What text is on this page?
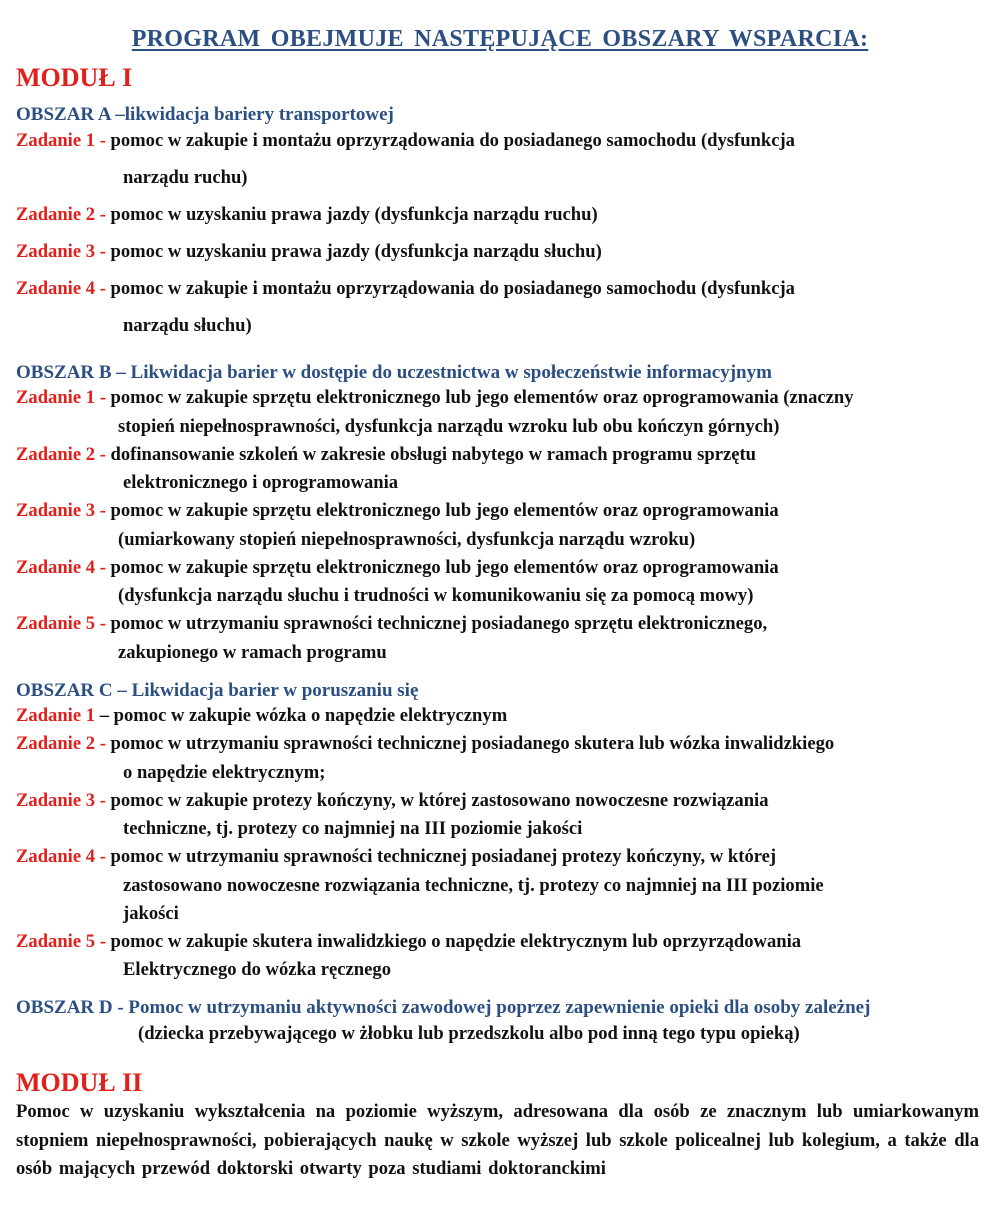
PROGRAM OBEJMUJE NASTĘPUJĄCE OBSZARY WSPARCIA:
MODUŁ I
OBSZAR A –likwidacja bariery transportowej
Zadanie 1 - pomoc w zakupie i montażu oprzyrządowania do posiadanego samochodu (dysfunkcja
narządu ruchu)
Zadanie 2 - pomoc w uzyskaniu prawa jazdy (dysfunkcja narządu ruchu)
Zadanie 3 - pomoc w uzyskaniu prawa jazdy (dysfunkcja narządu słuchu)
Zadanie 4 - pomoc w zakupie i montażu oprzyrządowania do posiadanego samochodu (dysfunkcja
narządu słuchu)
OBSZAR B – Likwidacja barier w dostępie do uczestnictwa w społeczeństwie informacyjnym
Zadanie 1 - pomoc w zakupie sprzętu elektronicznego lub jego elementów oraz oprogramowania (znaczny
stopień niepełnosprawności, dysfunkcja narządu wzroku lub obu kończyn górnych)
Zadanie 2 - dofinansowanie szkoleń w zakresie obsługi nabytego w ramach programu sprzętu
elektronicznego i oprogramowania
Zadanie 3 - pomoc w zakupie sprzętu elektronicznego lub jego elementów oraz oprogramowania
(umiarkowany stopień niepełnosprawności, dysfunkcja narządu wzroku)
Zadanie 4 - pomoc w zakupie sprzętu elektronicznego lub jego elementów oraz oprogramowania
(dysfunkcja narządu słuchu i trudności w komunikowaniu się za pomocą mowy)
Zadanie 5 - pomoc w utrzymaniu sprawności technicznej posiadanego sprzętu elektronicznego,
zakupionego w ramach programu
OBSZAR C – Likwidacja barier w poruszaniu się
Zadanie 1 – pomoc w zakupie wózka o napędzie elektrycznym
Zadanie 2 - pomoc w utrzymaniu sprawności technicznej posiadanego skutera lub wózka inwalidzkiego
o napędzie elektrycznym;
Zadanie 3 - pomoc w zakupie protezy kończyny, w której zastosowano nowoczesne rozwiązania
techniczne, tj. protezy co najmniej na III poziomie jakości
Zadanie 4 - pomoc w utrzymaniu sprawności technicznej posiadanej protezy kończyny, w której
zastosowano nowoczesne rozwiązania techniczne, tj. protezy co najmniej na III poziomie
jakości
Zadanie 5 - pomoc w zakupie skutera inwalidzkiego o napędzie elektrycznym lub oprzyrządowania
Elektrycznego do wózka ręcznego
OBSZAR D - Pomoc w utrzymaniu aktywności zawodowej poprzez zapewnienie opieki dla osoby zależnej
(dziecka przebywającego w żłobku lub przedszkolu albo pod inną tego typu opieką)
MODUŁ II
Pomoc w uzyskaniu wykształcenia na poziomie wyższym, adresowana dla osób ze znacznym lub umiarkowanym stopniem niepełnosprawności, pobierających naukę w szkole wyższej lub szkole policealnej lub kolegium, a także dla osób mających przewód doktorski otwarty poza studiami doktoranckimi
